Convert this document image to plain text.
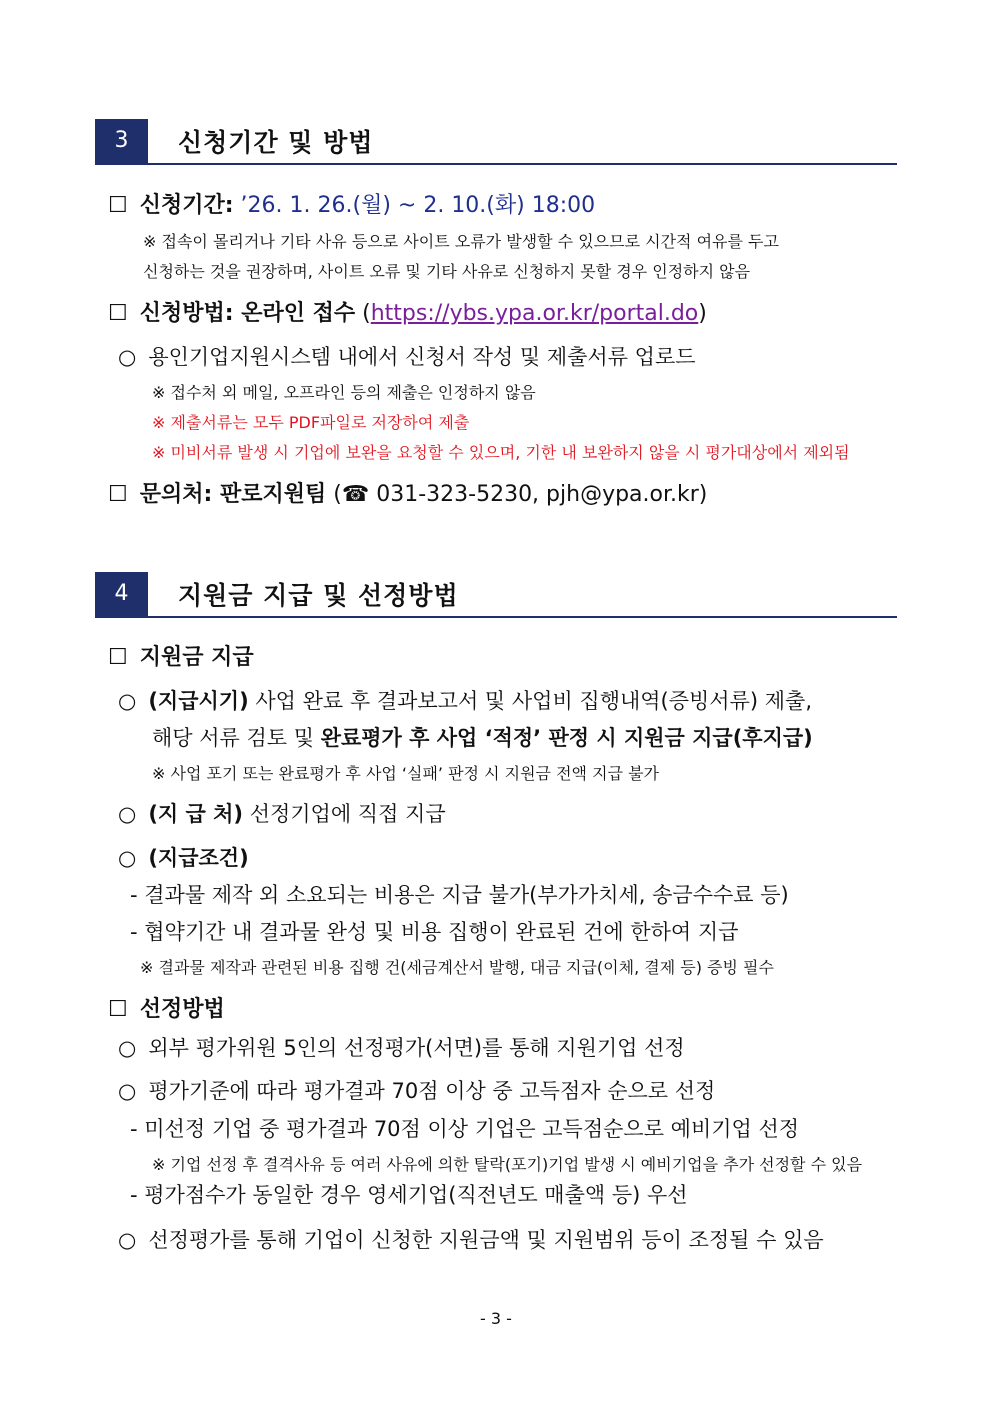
3	신청기간 및 방법
☐ 신청기간: ’26. 1. 26.(월) ~ 2. 10.(화) 18:00
※ 접속이 몰리거나 기타 사유 등으로 사이트 오류가 발생할 수 있으므로 시간적 여유를 두고
신청하는 것을 권장하며, 사이트 오류 및 기타 사유로 신청하지 못할 경우 인정하지 않음
☐ 신청방법: 온라인 접수 (https://ybs.ypa.or.kr/portal.do)
○ 용인기업지원시스템 내에서 신청서 작성 및 제출서류 업로드
※ 접수처 외 메일, 오프라인 등의 제출은 인정하지 않음
※ 제출서류는 모두 PDF파일로 저장하여 제출
※ 미비서류 발생 시 기업에 보완을 요청할 수 있으며, 기한 내 보완하지 않을 시 평가대상에서 제외됨
☐ 문의처: 판로지원팀 (☎ 031-323-5230, pjh@ypa.or.kr)
4	지원금 지급 및 선정방법
☐ 지원금 지급
○ (지급시기) 사업 완료 후 결과보고서 및 사업비 집행내역(증빙서류) 제출,
해당 서류 검토 및 완료평가 후 사업 ‘적정’ 판정 시 지원금 지급(후지급)
※ 사업 포기 또는 완료평가 후 사업 ‘실패’ 판정 시 지원금 전액 지급 불가
○ (지 급 처) 선정기업에 직접 지급
○ (지급조건)
- 결과물 제작 외 소요되는 비용은 지급 불가(부가가치세, 송금수수료 등)
- 협약기간 내 결과물 완성 및 비용 집행이 완료된 건에 한하여 지급
※ 결과물 제작과 관련된 비용 집행 건(세금계산서 발행, 대금 지급(이체, 결제 등) 증빙 필수
☐ 선정방법
○ 외부 평가위원 5인의 선정평가(서면)를 통해 지원기업 선정
○ 평가기준에 따라 평가결과 70점 이상 중 고득점자 순으로 선정
- 미선정 기업 중 평가결과 70점 이상 기업은 고득점순으로 예비기업 선정
※ 기업 선정 후 결격사유 등 여러 사유에 의한 탈락(포기)기업 발생 시 예비기업을 추가 선정할 수 있음
- 평가점수가 동일한 경우 영세기업(직전년도 매출액 등) 우선
○ 선정평가를 통해 기업이 신청한 지원금액 및 지원범위 등이 조정될 수 있음
- 3 -
